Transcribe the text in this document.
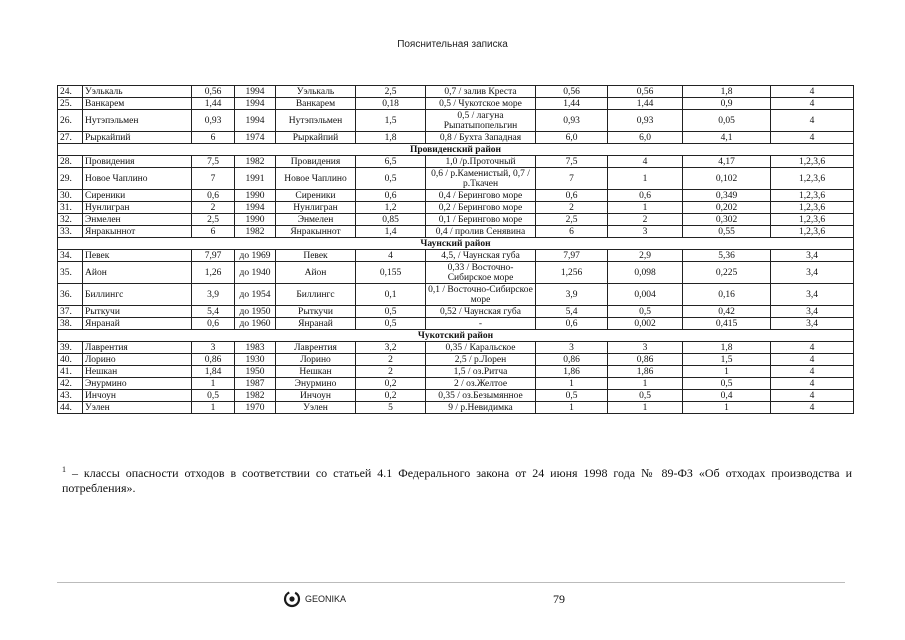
Пояснительная записка
24.	Уэлькаль	0,56	1994	Уэлькаль	2,5	0,7 / залив Креста	0,56	0,56	1,8	4
25.	Ванкарем	1,44	1994	Ванкарем	0,18	0,5 / Чукотское море	1,44	1,44	0,9	4
26.	Нутэпэльмен	0,93	1994	Нутэпэльмен	1,5	0,5 / лагуна Рыпатыпопельгин	0,93	0,93	0,05	4
27.	Рыркайпий	6	1974	Рыркайпий	1,8	0,8 / Бухта Западная	6,0	6,0	4,1	4
Провиденский район										
28.	Провидения	7,5	1982	Провидения	6,5	1,0 /р.Проточный	7,5	4	4,17	1,2,3,6
29.	Новое Чаплино	7	1991	Новое Чаплино	0,5	0,6 / р.Каменистый, 0,7 / р.Ткачен	7	1	0,102	1,2,3,6
30.	Сиреники	0,6	1990	Сиреники	0,6	0,4 / Берингово море	0,6	0,6	0,349	1,2,3,6
31.	Нунлигран	2	1994	Нунлигран	1,2	0,2 / Берингово море	2	1	0,202	1,2,3,6
32.	Энмелен	2,5	1990	Энмелен	0,85	0,1 / Берингово море	2,5	2	0,302	1,2,3,6
33.	Янракыннот	6	1982	Янракыннот	1,4	0,4 / пролив Сенявина	6	3	0,55	1,2,3,6
Чаунский район										
34.	Певек	7,97	до 1969	Певек	4	4,5, / Чаунская губа	7,97	2,9	5,36	3,4
35.	Айон	1,26	до 1940	Айон	0,155	0,33 / Восточно-Сибирское море	1,256	0,098	0,225	3,4
36.	Биллингс	3,9	до 1954	Биллингс	0,1	0,1 / Восточно-Сибирское море	3,9	0,004	0,16	3,4
37.	Рыткучи	5,4	до 1950	Рыткучи	0,5	0,52 / Чаунская губа	5,4	0,5	0,42	3,4
38.	Янранай	0,6	до 1960	Янранай	0,5	-	0,6	0,002	0,415	3,4
Чукотский район										
39.	Лаврентия	3	1983	Лаврентия	3,2	0,35 / Каральское	3	3	1,8	4
40.	Лорино	0,86	1930	Лорино	2	2,5 / р.Лорен	0,86	0,86	1,5	4
41.	Нешкан	1,84	1950	Нешкан	2	1,5 / оз.Ритча	1,86	1,86	1	4
42.	Энурмино	1	1987	Энурмино	0,2	2 / оз.Желтое	1	1	0,5	4
43.	Инчоун	0,5	1982	Инчоун	0,2	0,35 / оз.Безымянное	0,5	0,5	0,4	4
44.	Уэлен	1	1970	Уэлен	5	9 / р.Невидимка	1	1	1	4
$^1$ – классы опасности отходов в соответствии со статьей 4.1 Федерального закона от 24 июня 1998 года № 89-ФЗ «Об отходах производства и потребления».
GEONIKA	79
